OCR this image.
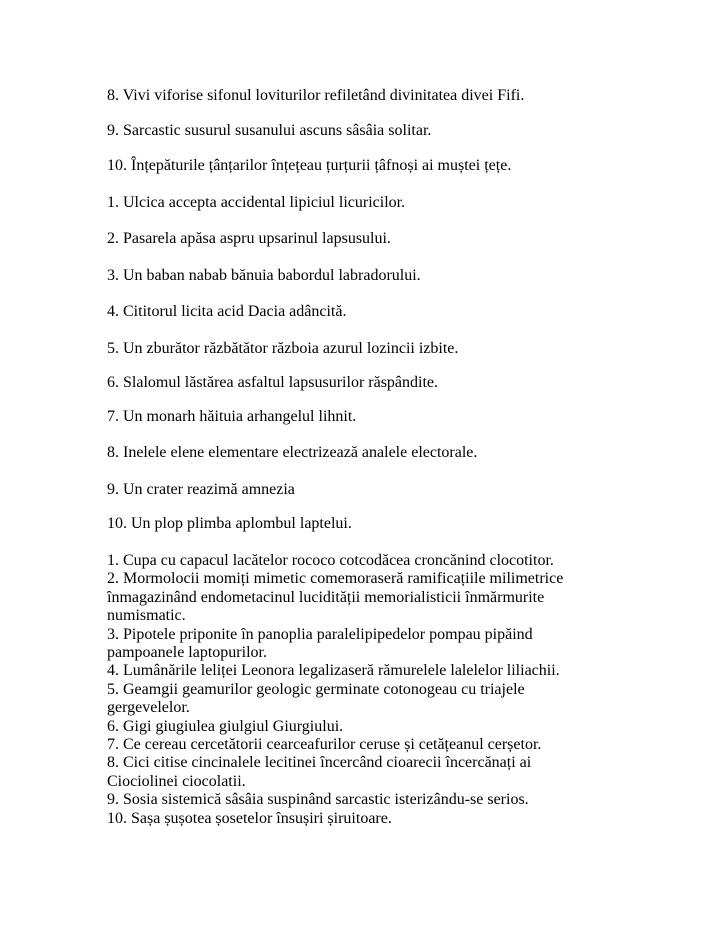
8. Vivi viforise sifonul loviturilor refiletând divinitatea divei Fifi.
9. Sarcastic susurul susanului ascuns sâsâia solitar.
10. Înțepăturile țânțarilor înțețeau țurțurii țâfnoși ai muștei țețe.
1. Ulcica accepta accidental lipiciul licuricilor.
2. Pasarela apăsa aspru upsarinul lapsusului.
3. Un baban nabab bănuia babordul labradorului.
4. Cititorul licita acid Dacia adâncită.
5. Un zburător răzbătător războia azurul lozincii izbite.
6. Slalomul lăstărea asfaltul lapsusurilor răspândite.
7. Un monarh hăituia arhangelul lihnit.
8. Inelele elene elementare electrizează analele electorale.
9. Un crater reazimă amnezia
10. Un plop plimba aplombul laptelui.

1. Cupa cu capacul lacătelor rococo cotcodăcea croncănind clocotitor.

2. Mormolocii momiți mimetic comemoraseră ramificațiile milimetrice înmagazinând endometacinul lucidității memorialisticii înmărmurite numismatic.

3. Pipotele priponite în panoplia paralelipipedelor pompau pipăind pampoanele laptopurilor.

4. Lumânările leliței Leonora legalizaseră rămurelele lalelelor liliachii.

5. Geamgii geamurilor geologic germinate cotonogeau cu triajele gergevelelor.

6. Gigi giugiulea giulgiul Giurgiului.

7. Ce cereau cercetătorii cearceafurilor ceruse și cetățeanul cerșetor.

8. Cici citise cincinalele lecitinei încercând cioarecii încercănați ai Ciociolinei ciocolatii.

9. Sosia sistemică sâsâia suspinând sarcastic isterizându-se serios.

10. Sașa șușotea șosetelor însușiri șiruitoare.
